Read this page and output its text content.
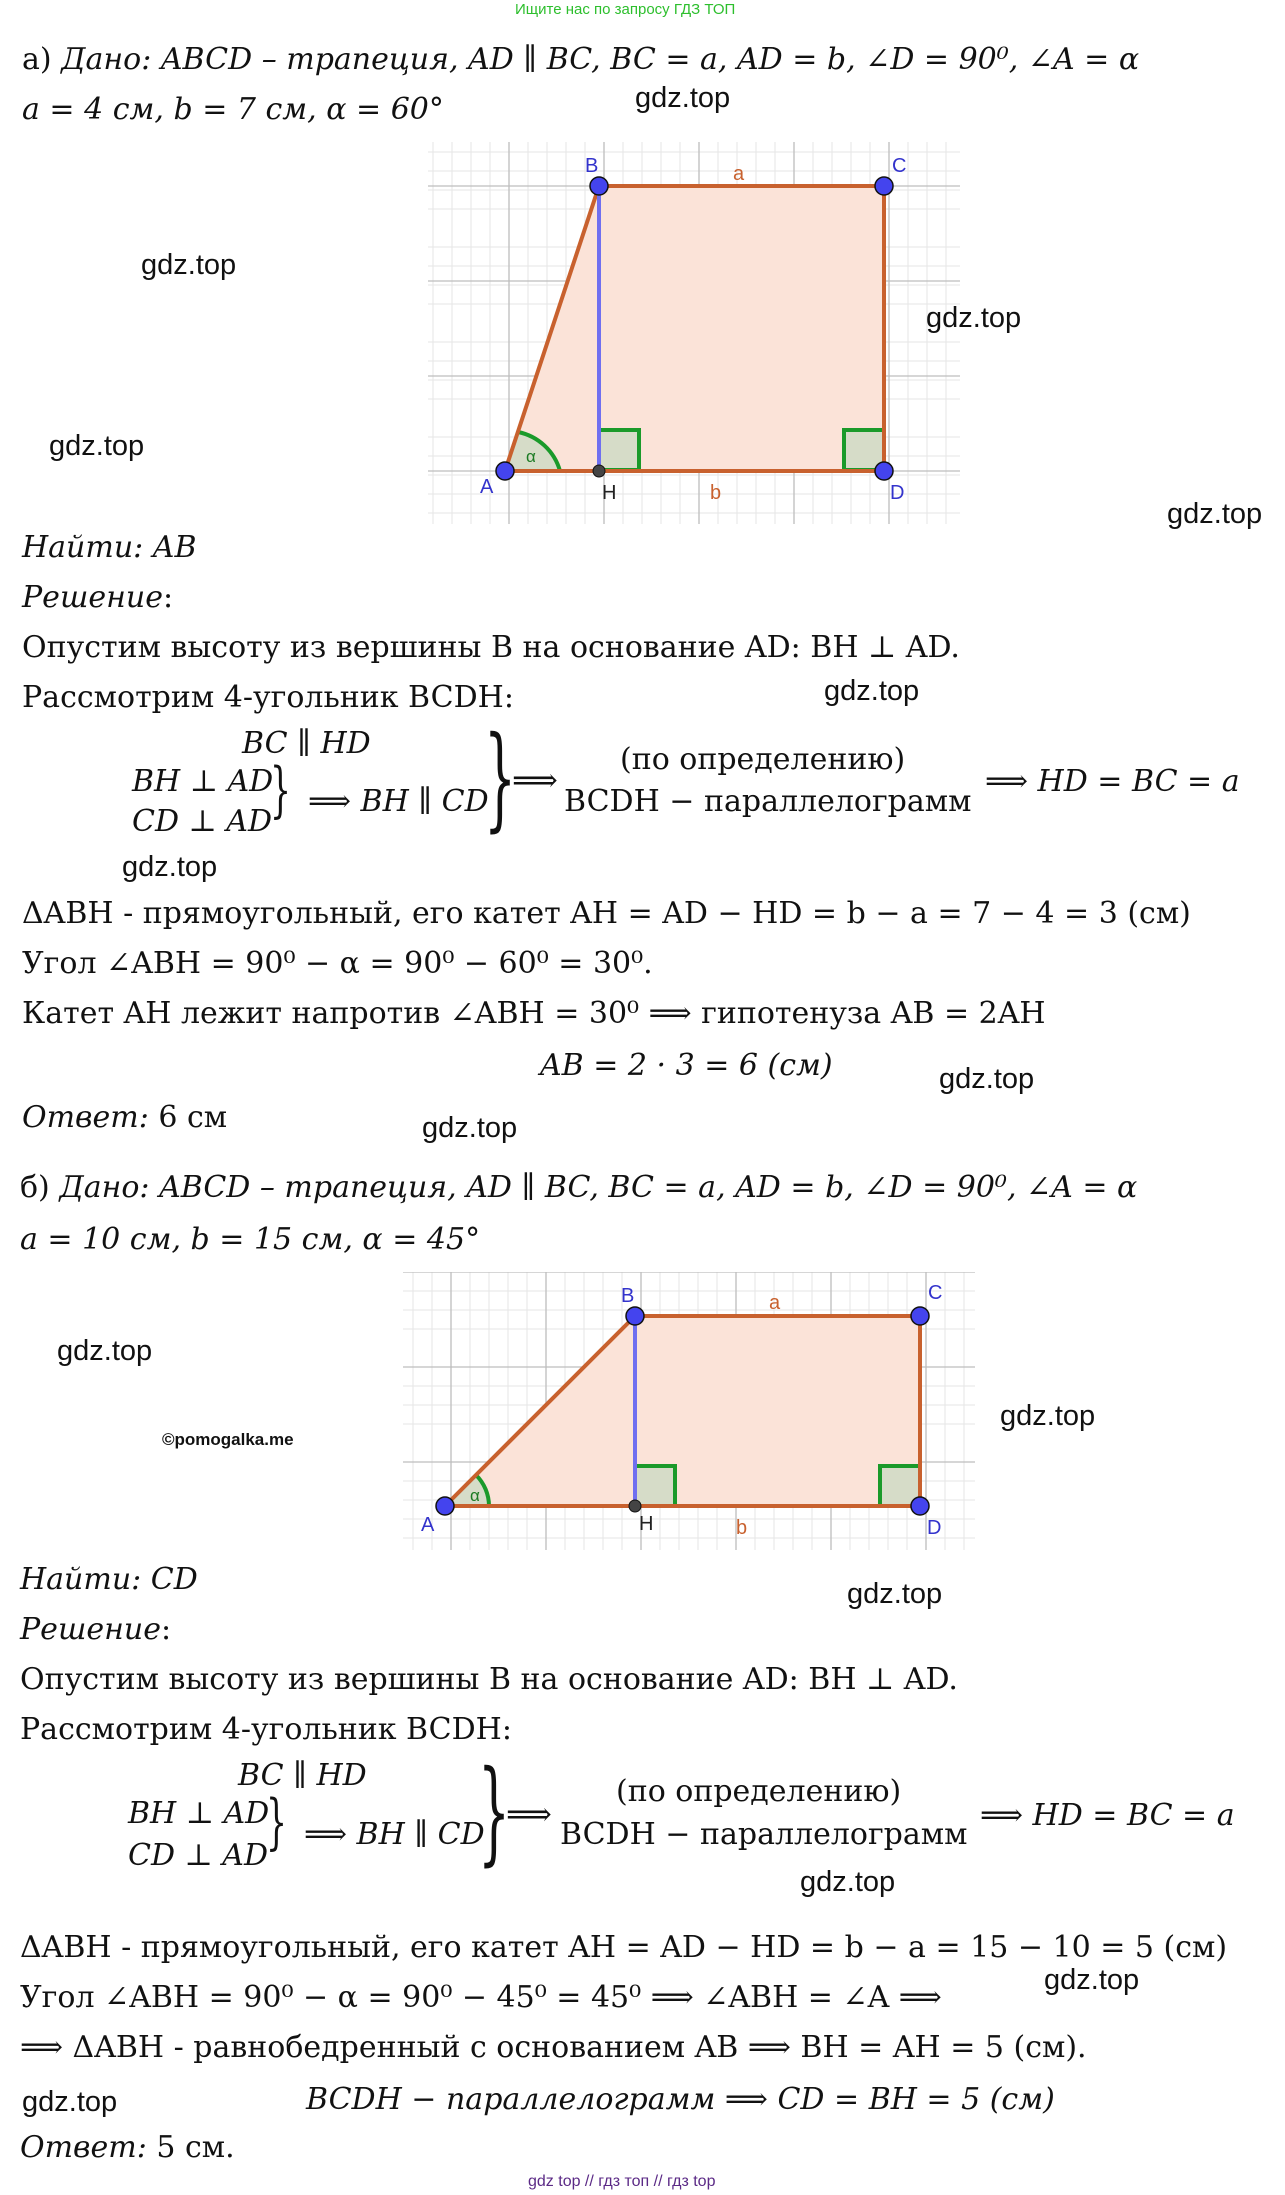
Ищите нас по запросу ГДЗ ТОП
а) Дано: ABCD – трапеция, AD ∥ BC, BC = a, AD = b, ∠D = 90⁰, ∠A = α
a = 4 см, b = 7 см, α = 60°
A
B	C
D
H
a
b
α
Найти: AB
Решение:
Опустим высоту из вершины B на основание AD: BH ⊥ AD.
Рассмотрим 4-угольник BCDH:
BC ∥ HD
BH ⊥ AD
CD ⊥ AD
} ⟹ BH ∥ CD
}
⟹
(по определению)
BCDH − параллелограмм
⟹ HD = BC = a
ΔABH - прямоугольный, его катет AH = AD − HD = b − a = 7 − 4 = 3 (см)
Угол ∠ABH = 90⁰ − α = 90⁰ − 60⁰ = 30⁰.
Катет AH лежит напротив ∠ABH = 30⁰ ⟹ гипотенуза AB = 2AH
AB = 2 · 3 = 6 (см)
Ответ: 6 см
б) Дано: ABCD – трапеция, AD ∥ BC, BC = a, AD = b, ∠D = 90⁰, ∠A = α
a = 10 см, b = 15 см, α = 45°
A
B	C
D
H
a
b
α
Найти: CD
Решение:
Опустим высоту из вершины B на основание AD: BH ⊥ AD.
Рассмотрим 4-угольник BCDH:
BC ∥ HD
BH ⊥ AD
CD ⊥ AD
} ⟹ BH ∥ CD
}
⟹
(по определению)
BCDH − параллелограмм
⟹ HD = BC = a
ΔABH - прямоугольный, его катет AH = AD − HD = b − a = 15 − 10 = 5 (см)
Угол ∠ABH = 90⁰ − α = 90⁰ − 45⁰ = 45⁰ ⟹ ∠ABH = ∠A ⟹
⟹ ΔABH - равнобедренный с основанием AB ⟹ BH = AH = 5 (см).
BCDH − параллелограмм ⟹ CD = BH = 5 (см)
Ответ: 5 см.
gdz.top
gdz.top
gdz.top
gdz.top
gdz.top
gdz.top
gdz.top
gdz.top
gdz.top
gdz.top
©pomogalka.me
gdz.top
gdz.top
gdz.top
gdz.top
gdz.top
gdz top // гдз топ // гдз top
